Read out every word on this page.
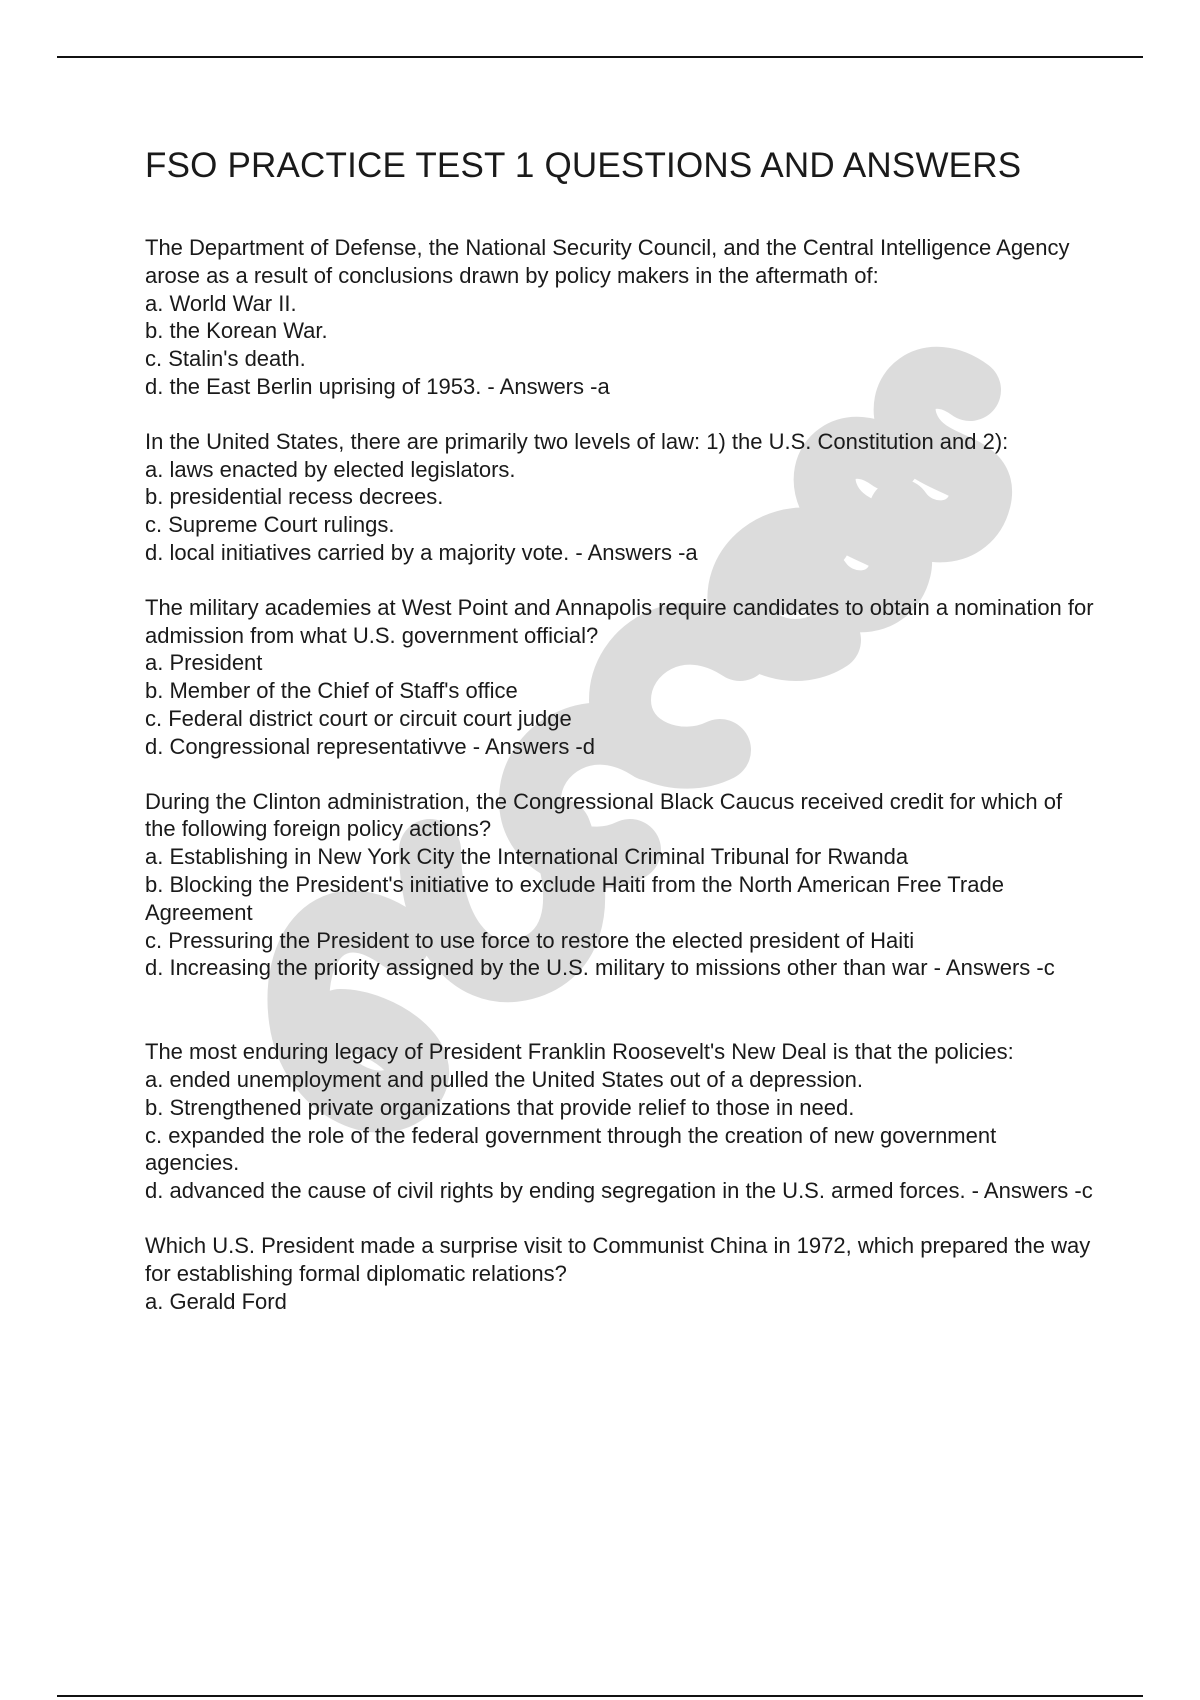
FSO PRACTICE TEST 1 QUESTIONS AND ANSWERS
The Department of Defense, the National Security Council, and the Central Intelligence Agency arose as a result of conclusions drawn by policy makers in the aftermath of:
a. World War II.
b. the Korean War.
c. Stalin's death.
d. the East Berlin uprising of 1953. - Answers -a
In the United States, there are primarily two levels of law: 1) the U.S. Constitution and 2):
a. laws enacted by elected legislators.
b. presidential recess decrees.
c. Supreme Court rulings.
d. local initiatives carried by a majority vote. - Answers -a
The military academies at West Point and Annapolis require candidates to obtain a nomination for admission from what U.S. government official?
a. President
b. Member of the Chief of Staff's office
c. Federal district court or circuit court judge
d. Congressional representativve - Answers -d
During the Clinton administration, the Congressional Black Caucus received credit for which of the following foreign policy actions?
a. Establishing in New York City the International Criminal Tribunal for Rwanda
b. Blocking the President's initiative to exclude Haiti from the North American Free Trade Agreement
c. Pressuring the President to use force to restore the elected president of Haiti
d. Increasing the priority assigned by the U.S. military to missions other than war - Answers -c
The most enduring legacy of President Franklin Roosevelt's New Deal is that the policies:
a. ended unemployment and pulled the United States out of a depression.
b. Strengthened private organizations that provide relief to those in need.
c. expanded the role of the federal government through the creation of new government agencies.
d. advanced the cause of civil rights by ending segregation in the U.S. armed forces. - Answers -c
Which U.S. President made a surprise visit to Communist China in 1972, which prepared the way for establishing formal diplomatic relations?
a. Gerald Ford
